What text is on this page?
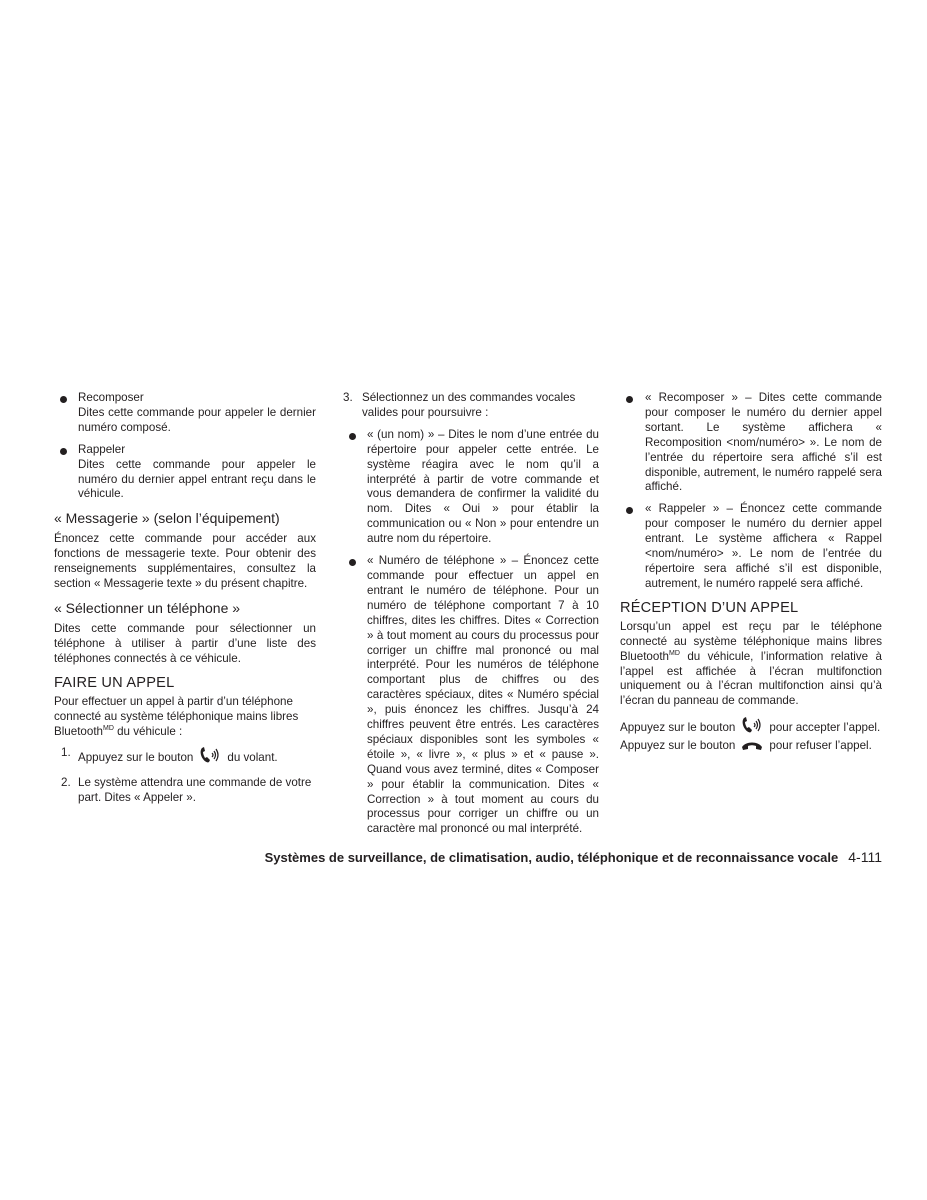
Recomposer

Dites cette commande pour appeler le dernier numéro composé.

Rappeler

Dites cette commande pour appeler le numéro du dernier appel entrant reçu dans le véhicule.

« Messagerie » (selon l’équipement)

Énoncez cette commande pour accéder aux fonctions de messagerie texte. Pour obtenir des renseignements supplémentaires, consultez la section « Messagerie texte » du présent chapitre.

« Sélectionner un téléphone »

Dites cette commande pour sélectionner un téléphone à utiliser à partir d’une liste des téléphones connectés à ce véhicule.

FAIRE UN APPEL

Pour effectuer un appel à partir d’un téléphone connecté au système téléphonique mains libres Bluetooth$^{MD}$ du véhicule :

1. Appuyez sur le bouton	du volant.
2. Le système attendra une commande de votre part. Dites « Appeler ».
3. Sélectionnez un des commandes vocales valides pour poursuivre :

« (un nom) » – Dites le nom d’une entrée du répertoire pour appeler cette entrée. Le système réagira avec le nom qu’il a interprété à partir de votre commande et vous demandera de confirmer la validité du nom. Dites « Oui » pour établir la communication ou « Non » pour entendre un autre nom du répertoire.

« Numéro de téléphone » – Énoncez cette commande pour effectuer un appel en entrant le numéro de téléphone. Pour un numéro de téléphone comportant 7 à 10 chiffres, dites les chiffres. Dites « Correction » à tout moment au cours du processus pour corriger un chiffre mal prononcé ou mal interprété. Pour les numéros de téléphone comportant plus de chiffres ou des caractères spéciaux, dites « Numéro spécial », puis énoncez les chiffres. Jusqu’à 24 chiffres peuvent être entrés. Les caractères spéciaux disponibles sont les symboles « étoile », « livre », « plus » et « pause ». Quand vous avez terminé, dites « Composer » pour établir la communication. Dites « Correction » à tout moment au cours du processus pour corriger un chiffre ou un caractère mal prononcé ou mal interprété.

« Recomposer » – Dites cette commande pour composer le numéro du dernier appel sortant. Le système affichera « Recomposition <nom/numéro> ». Le nom de l’entrée du répertoire sera affiché s’il est disponible, autrement, le numéro rappelé sera affiché.

« Rappeler » – Énoncez cette commande pour composer le numéro du dernier appel entrant. Le système affichera « Rappel <nom/numéro> ». Le nom de l’entrée du répertoire sera affiché s’il est disponible, autrement, le numéro rappelé sera affiché.

RÉCEPTION D’UN APPEL

Lorsqu’un appel est reçu par le téléphone connecté au système téléphonique mains libres Bluetooth$^{MD}$ du véhicule, l’information relative à l’appel est affichée à l’écran multifonction uniquement ou à l’écran multifonction ainsi qu’à l’écran du panneau de commande.

Appuyez sur le bouton	pour accepter l’appel. Appuyez sur le bouton	pour refuser l’appel.

Systèmes de surveillance, de climatisation, audio, téléphonique et de reconnaissance vocale 4-111
